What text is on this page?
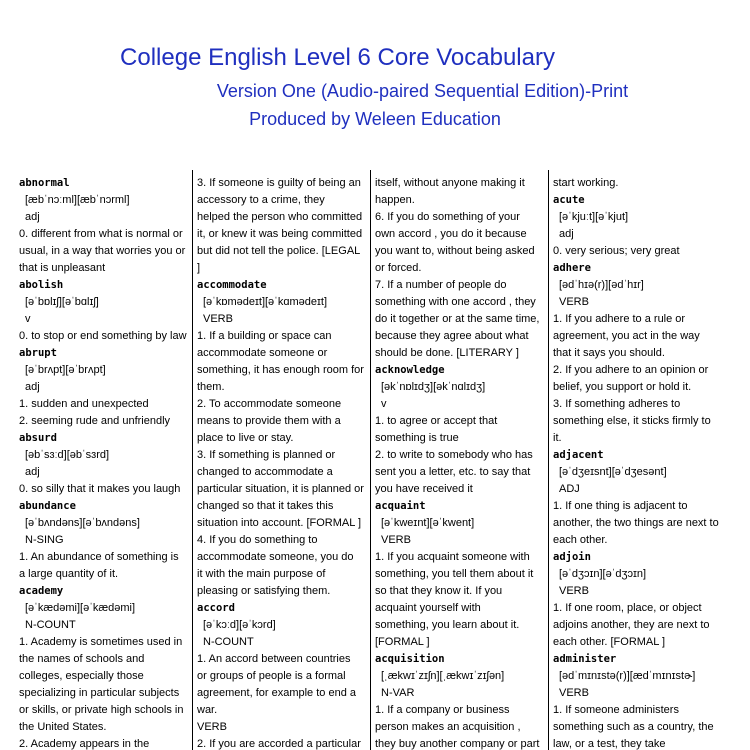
College English Level 6 Core Vocabulary
Version One (Audio-paired Sequential Edition)-Print
Produced by Weleen Education
abnormal
[æbˈnɔːml][æbˈnɔrml]
adj
0. different from what is normal or
usual, in a way that worries you or
that is unpleasant
abolish
[əˈbɒlɪʃ][əˈbɑlɪʃ]
v
0. to stop or end something by law
abrupt
[əˈbrʌpt][əˈbrʌpt]
adj
1. sudden and unexpected
2. seeming rude and unfriendly
absurd
[əbˈsɜːd][əbˈsɜrd]
adj
0. so silly that it makes you laugh
abundance
[əˈbʌndəns][əˈbʌndəns]
N-SING
1. An abundance of something is
a large quantity of it.
academy
[əˈkædəmi][əˈkædəmi]
N-COUNT
1. Academy is sometimes used in
the names of schools and
colleges, especially those
specializing in particular subjects
or skills, or private high schools in
the United States.
2. Academy appears in the
3. If someone is guilty of being an
accessory to a crime, they
helped the person who committed
it, or knew it was being committed
but did not tell the police. [LEGAL
]
accommodate
[əˈkɒmədeɪt][əˈkɑmədeɪt]
VERB
1. If a building or space can
accommodate someone or
something, it has enough room for
them.
2. To accommodate someone
means to provide them with a
place to live or stay.
3. If something is planned or
changed to accommodate a
particular situation, it is planned or
changed so that it takes this
situation into account. [FORMAL ]
4. If you do something to
accommodate someone, you do
it with the main purpose of
pleasing or satisfying them.
accord
[əˈkɔːd][əˈkɔrd]
N-COUNT
1. An accord between countries
or groups of people is a formal
agreement, for example to end a
war.
VERB
2. If you are accorded a particular
itself, without anyone making it
happen.
6. If you do something of your
own accord , you do it because
you want to, without being asked
or forced.
7. If a number of people do
something with one accord , they
do it together or at the same time,
because they agree about what
should be done. [LITERARY ]
acknowledge
[əkˈnɒlɪdʒ][əkˈnɑlɪdʒ]
v
1. to agree or accept that
something is true
2. to write to somebody who has
sent you a letter, etc. to say that
you have received it
acquaint
[əˈkweɪnt][əˈkwent]
VERB
1. If you acquaint someone with
something, you tell them about it
so that they know it. If you
acquaint yourself with
something, you learn about it.
[FORMAL ]
acquisition
[ˌækwɪˈzɪʃn][ˌækwɪˈzɪʃən]
N-VAR
1. If a company or business
person makes an acquisition ,
they buy another company or part
start working.
acute
[əˈkjuːt][əˈkjut]
adj
0. very serious; very great
adhere
[ədˈhɪə(r)][ədˈhɪr]
VERB
1. If you adhere to a rule or
agreement, you act in the way
that it says you should.
2. If you adhere to an opinion or
belief, you support or hold it.
3. If something adheres to
something else, it sticks firmly to
it.
adjacent
[əˈdʒeɪsnt][əˈdʒesənt]
ADJ
1. If one thing is adjacent to
another, the two things are next to
each other.
adjoin
[əˈdʒɔɪn][əˈdʒɔɪn]
VERB
1. If one room, place, or object
adjoins another, they are next to
each other. [FORMAL ]
administer
[ədˈmɪnɪstə(r)][ædˈmɪnɪstɚ]
VERB
1. If someone administers
something such as a country, the
law, or a test, they take
